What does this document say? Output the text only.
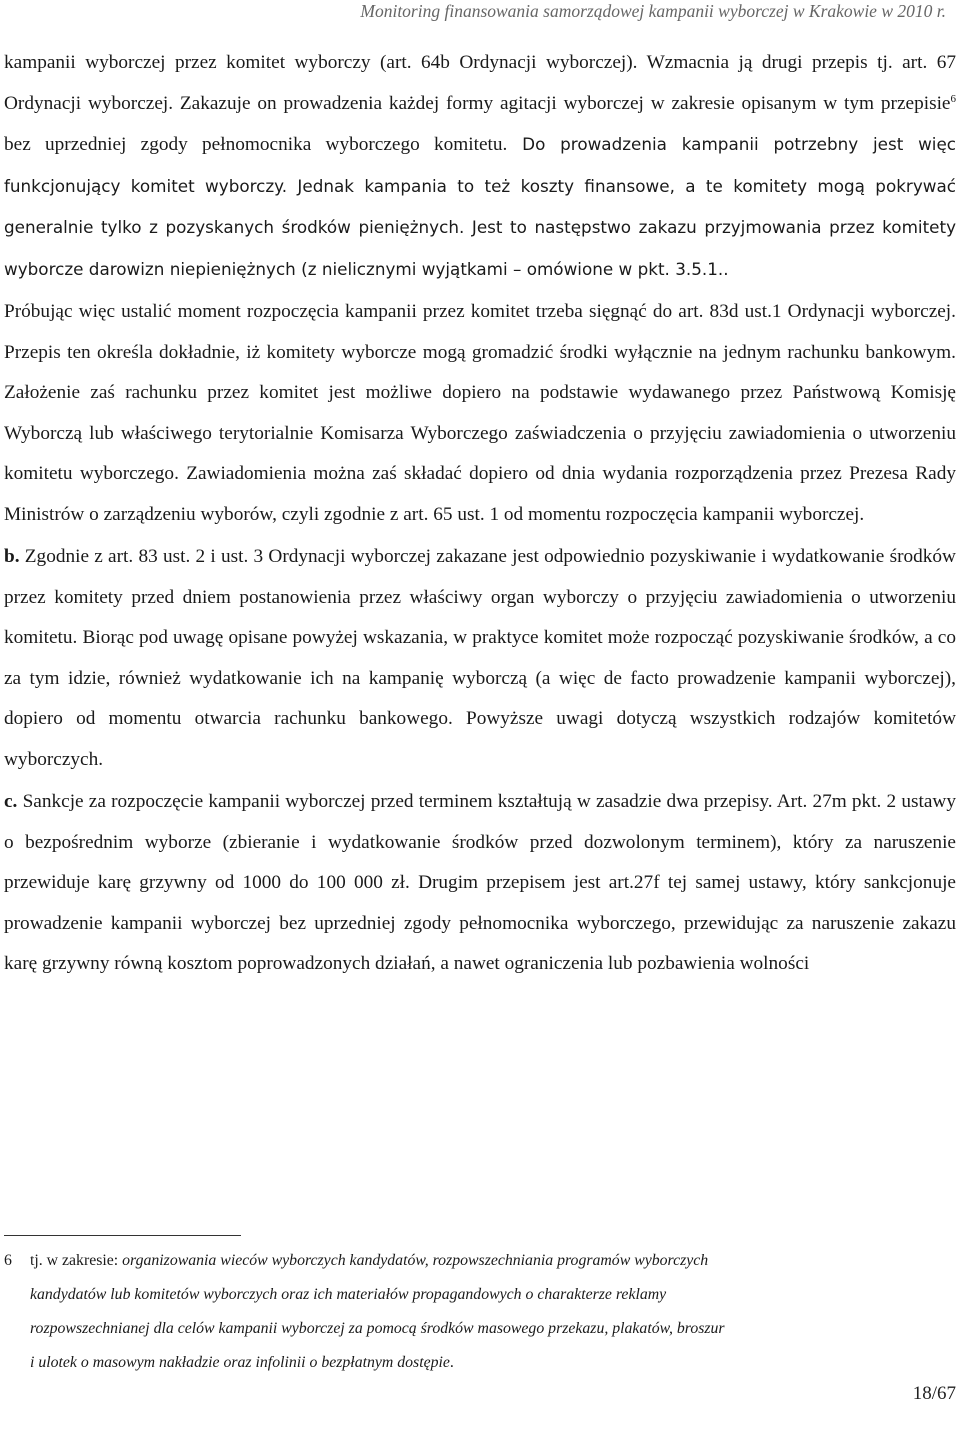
Monitoring finansowania samorządowej kampanii wyborczej w Krakowie w 2010 r.

kampanii wyborczej przez komitet wyborczy (art. 64b Ordynacji wyborczej). Wzmacnia ją drugi przepis tj. art. 67 Ordynacji wyborczej. Zakazuje on prowadzenia każdej formy agitacji wyborczej w zakresie opisanym w tym przepisie$^6$ bez uprzedniej zgody pełnomocnika wyborczego komitetu. Do prowadzenia kampanii potrzebny jest więc funkcjonujący komitet wyborczy. Jednak kampania to też koszty finansowe, a te komitety mogą pokrywać generalnie tylko z pozyskanych środków pieniężnych. Jest to następstwo zakazu przyjmowania przez komitety wyborcze darowizn niepieniężnych (z nielicznymi wyjątkami – omówione w pkt. 3.5.1..

Próbując więc ustalić moment rozpoczęcia kampanii przez komitet trzeba sięgnąć do art. 83d ust.1 Ordynacji wyborczej. Przepis ten określa dokładnie, iż komitety wyborcze mogą gromadzić środki wyłącznie na jednym rachunku bankowym. Założenie zaś rachunku przez komitet jest możliwe dopiero na podstawie wydawanego przez Państwową Komisję Wyborczą lub właściwego terytorialnie Komisarza Wyborczego zaświadczenia o przyjęciu zawiadomienia o utworzeniu komitetu wyborczego. Zawiadomienia można zaś składać dopiero od dnia wydania rozporządzenia przez Prezesa Rady Ministrów o zarządzeniu wyborów, czyli zgodnie z art. 65 ust. 1 od momentu rozpoczęcia kampanii wyborczej.

b. Zgodnie z art. 83 ust. 2 i ust. 3 Ordynacji wyborczej zakazane jest odpowiednio pozyskiwanie i wydatkowanie środków przez komitety przed dniem postanowienia przez właściwy organ wyborczy o przyjęciu zawiadomienia o utworzeniu komitetu. Biorąc pod uwagę opisane powyżej wskazania, w praktyce komitet może rozpocząć pozyskiwanie środków, a co za tym idzie, również wydatkowanie ich na kampanię wyborczą (a więc de facto prowadzenie kampanii wyborczej), dopiero od momentu otwarcia rachunku bankowego. Powyższe uwagi dotyczą wszystkich rodzajów komitetów wyborczych.

c. Sankcje za rozpoczęcie kampanii wyborczej przed terminem kształtują w zasadzie dwa przepisy. Art. 27m pkt. 2 ustawy o bezpośrednim wyborze (zbieranie i wydatkowanie środków przed dozwolonym terminem), który za naruszenie przewiduje karę grzywny od 1000 do 100 000 zł. Drugim przepisem jest art.27f tej samej ustawy, który sankcjonuje prowadzenie kampanii wyborczej bez uprzedniej zgody pełnomocnika wyborczego, przewidując za naruszenie zakazu karę grzywny równą kosztom poprowadzonych działań, a nawet ograniczenia lub pozbawienia wolności

6 tj. w zakresie: organizowania wieców wyborczych kandydatów, rozpowszechniania programów wyborczych
kandydatów lub komitetów wyborczych oraz ich materiałów propagandowych o charakterze reklamy
rozpowszechnianej dla celów kampanii wyborczej za pomocą środków masowego przekazu, plakatów, broszur
i ulotek o masowym nakładzie oraz infolinii o bezpłatnym dostępie.
18/67
